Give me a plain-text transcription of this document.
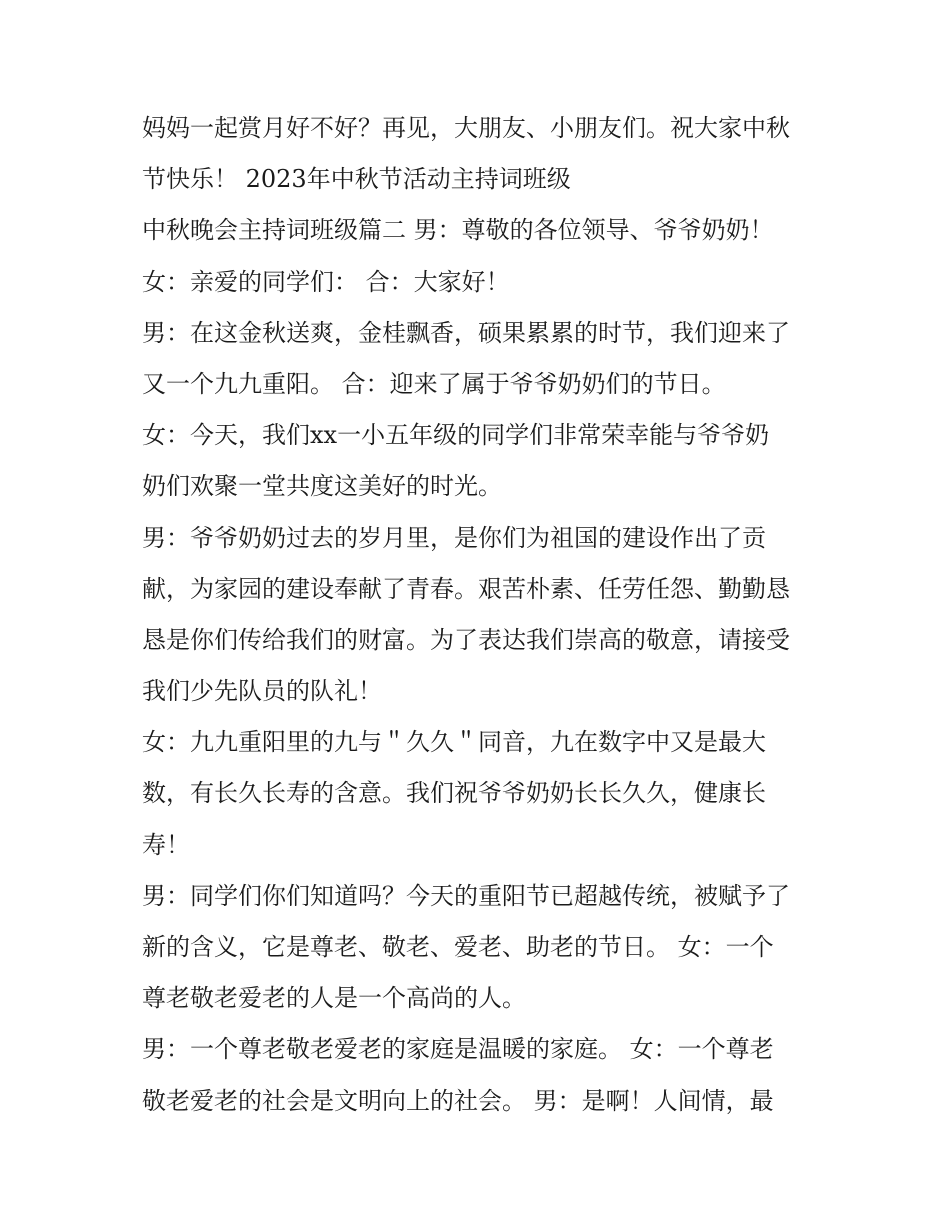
妈妈一起赏月好不好？再见，大朋友、小朋友们。祝大家中秋
节快乐！ 2023年中秋节活动主持词班级
中秋晚会主持词班级篇二 男：尊敬的各位领导、爷爷奶奶！
女：亲爱的同学们： 合：大家好！
男：在这金秋送爽，金桂飘香，硕果累累的时节，我们迎来了
又一个九九重阳。 合：迎来了属于爷爷奶奶们的节日。
女：今天，我们xx一小五年级的同学们非常荣幸能与爷爷奶
奶们欢聚一堂共度这美好的时光。
男：爷爷奶奶过去的岁月里，是你们为祖国的建设作出了贡
献，为家园的建设奉献了青春。艰苦朴素、任劳任怨、勤勤恳
恳是你们传给我们的财富。为了表达我们崇高的敬意，请接受
我们少先队员的队礼！
女：九九重阳里的九与＂久久＂同音，九在数字中又是最大
数，有长久长寿的含意。我们祝爷爷奶奶长长久久，健康长
寿！
男：同学们你们知道吗？今天的重阳节已超越传统，被赋予了
新的含义，它是尊老、敬老、爱老、助老的节日。 女：一个
尊老敬老爱老的人是一个高尚的人。
男：一个尊老敬老爱老的家庭是温暖的家庭。 女：一个尊老
敬老爱老的社会是文明向上的社会。 男：是啊！人间情，最
